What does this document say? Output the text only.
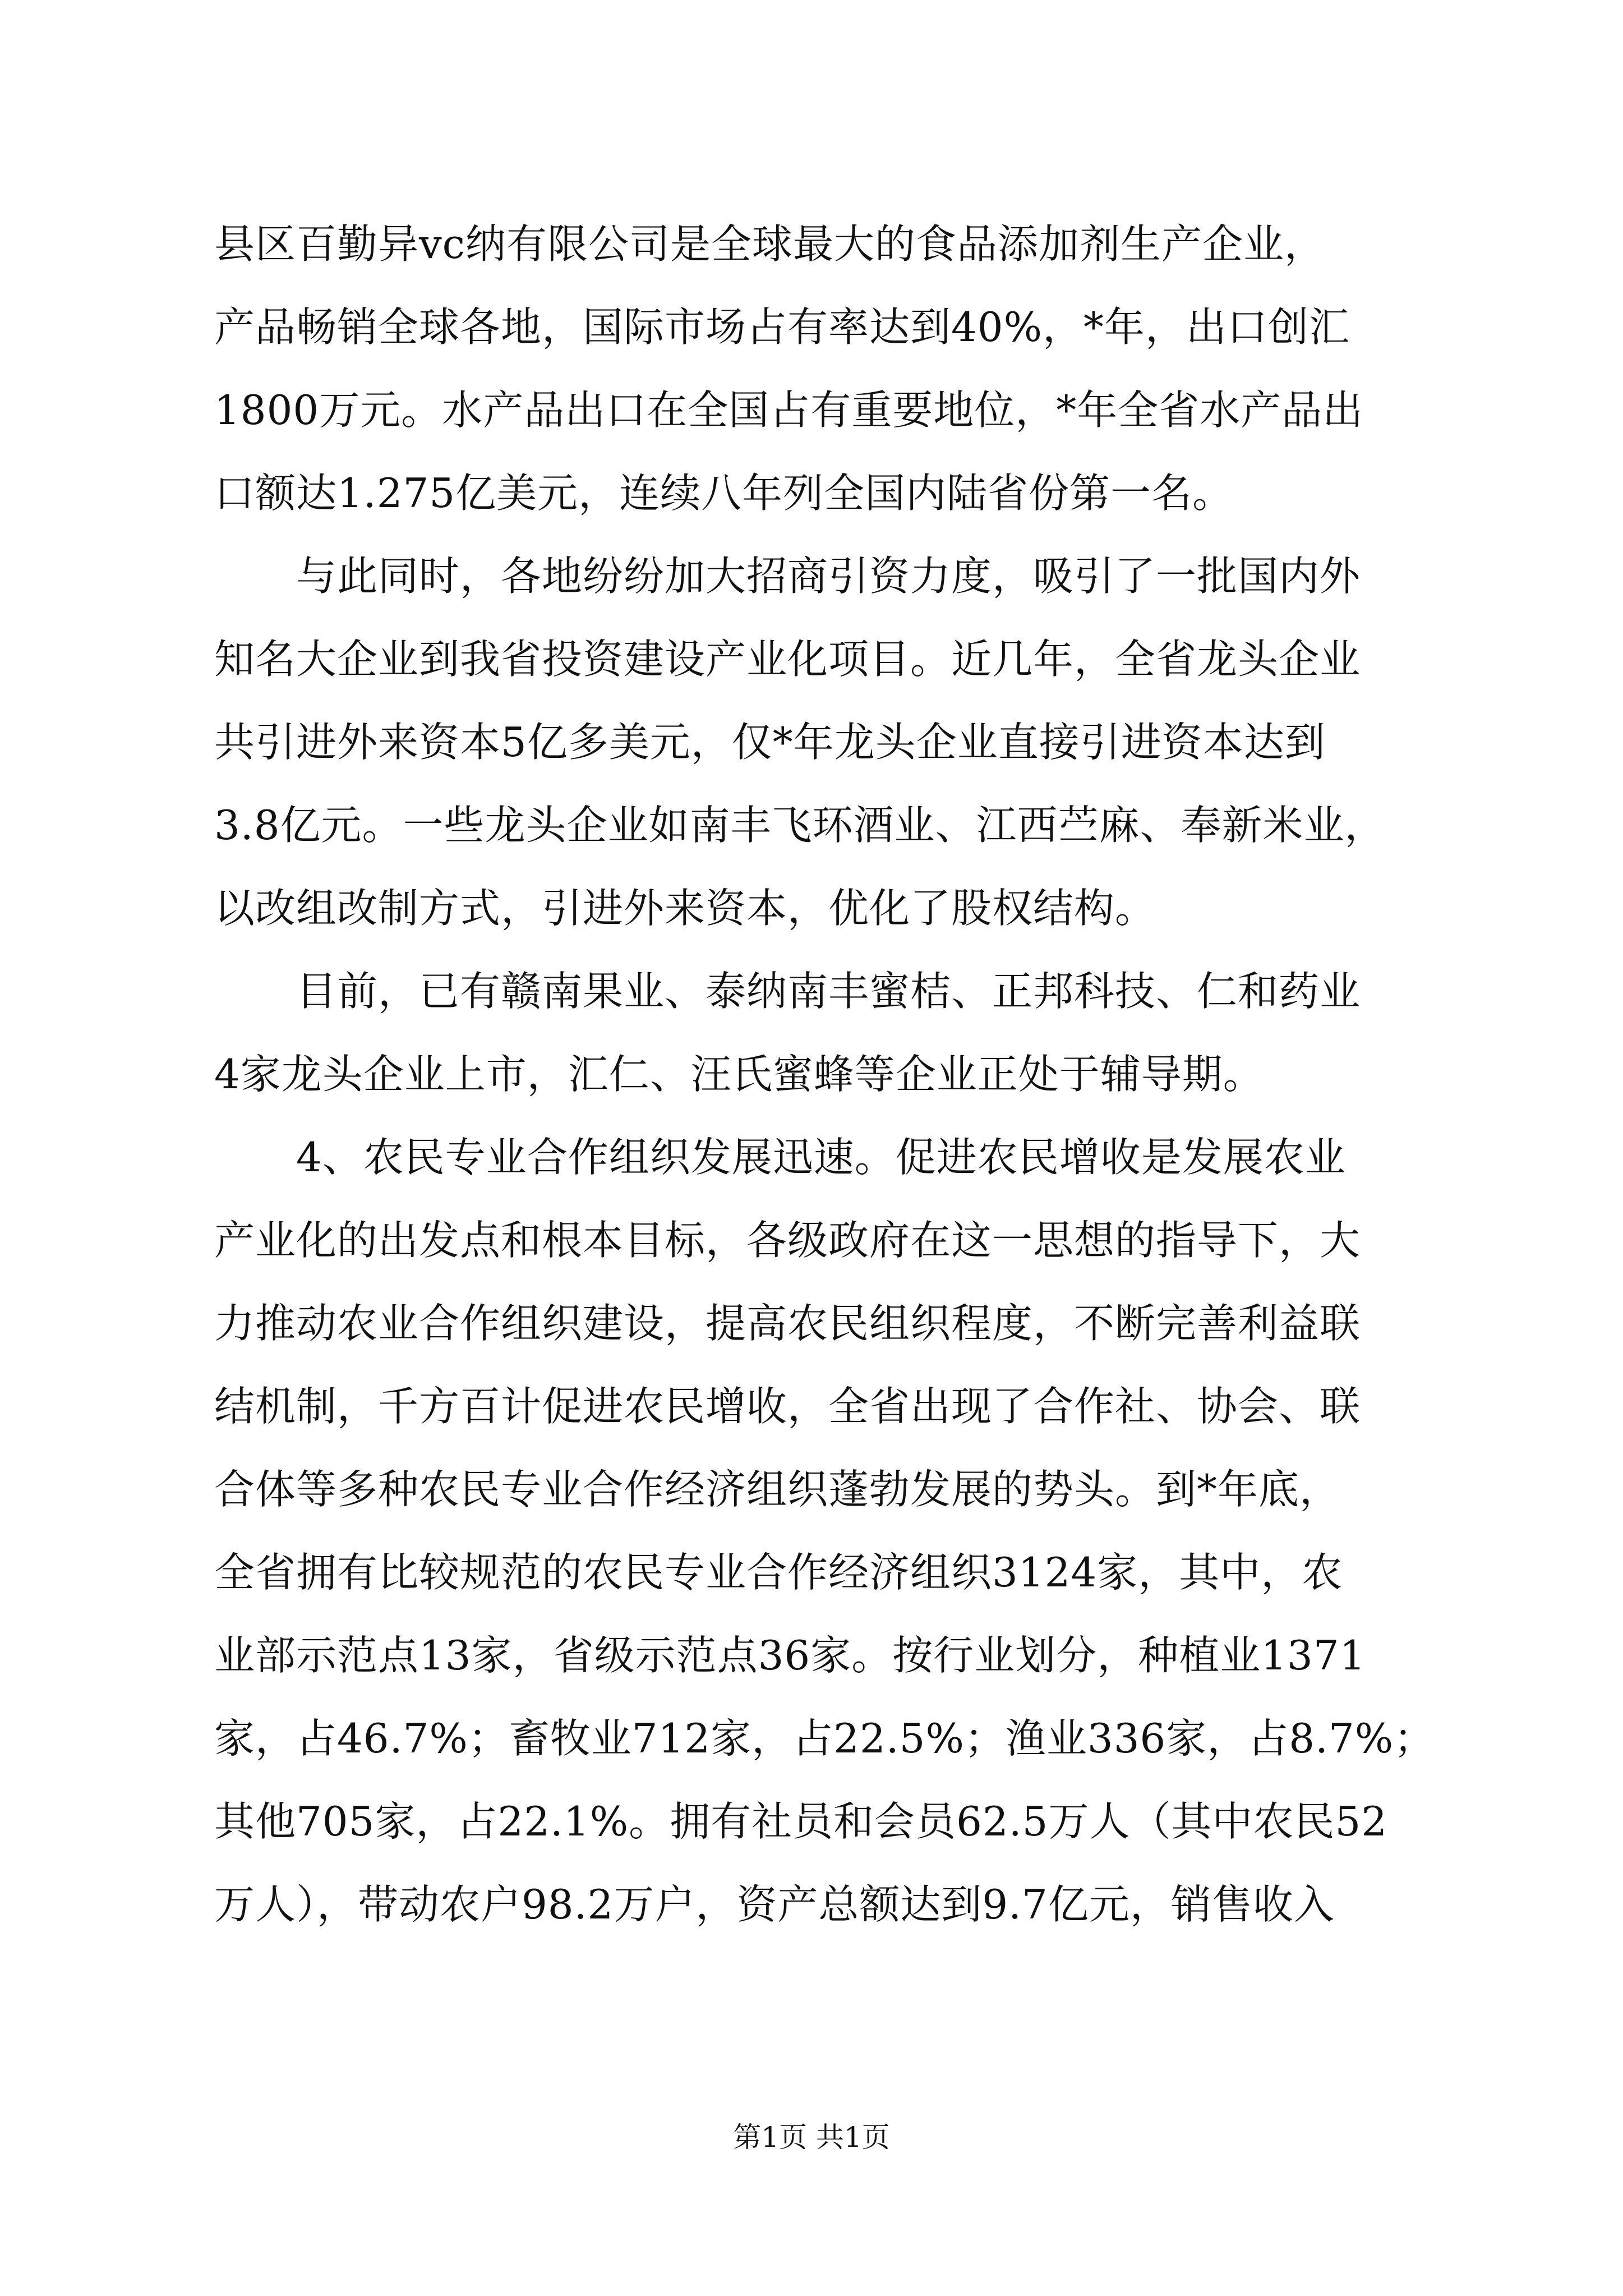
县区百勤异vc纳有限公司是全球最大的食品添加剂生产企业，
产品畅销全球各地，国际市场占有率达到40%，*年，出口创汇
1800万元。水产品出口在全国占有重要地位，*年全省水产品出
口额达1.275亿美元，连续八年列全国内陆省份第一名。
　　与此同时，各地纷纷加大招商引资力度，吸引了一批国内外
知名大企业到我省投资建设产业化项目。近几年，全省龙头企业
共引进外来资本5亿多美元，仅*年龙头企业直接引进资本达到
3.8亿元。一些龙头企业如南丰飞环酒业、江西苎麻、奉新米业，
以改组改制方式，引进外来资本，优化了股权结构。
　　目前，已有赣南果业、泰纳南丰蜜桔、正邦科技、仁和药业
4家龙头企业上市，汇仁、汪氏蜜蜂等企业正处于辅导期。
　　4、农民专业合作组织发展迅速。促进农民增收是发展农业
产业化的出发点和根本目标，各级政府在这一思想的指导下，大
力推动农业合作组织建设，提高农民组织程度，不断完善利益联
结机制，千方百计促进农民增收，全省出现了合作社、协会、联
合体等多种农民专业合作经济组织蓬勃发展的势头。到*年底，
全省拥有比较规范的农民专业合作经济组织3124家，其中，农
业部示范点13家，省级示范点36家。按行业划分，种植业1371
家，占46.7%；畜牧业712家，占22.5%；渔业336家，占8.7%；
其他705家，占22.1%。拥有社员和会员62.5万人（其中农民52
万人），带动农户98.2万户，资产总额达到9.7亿元，销售收入
第1页 共1页
